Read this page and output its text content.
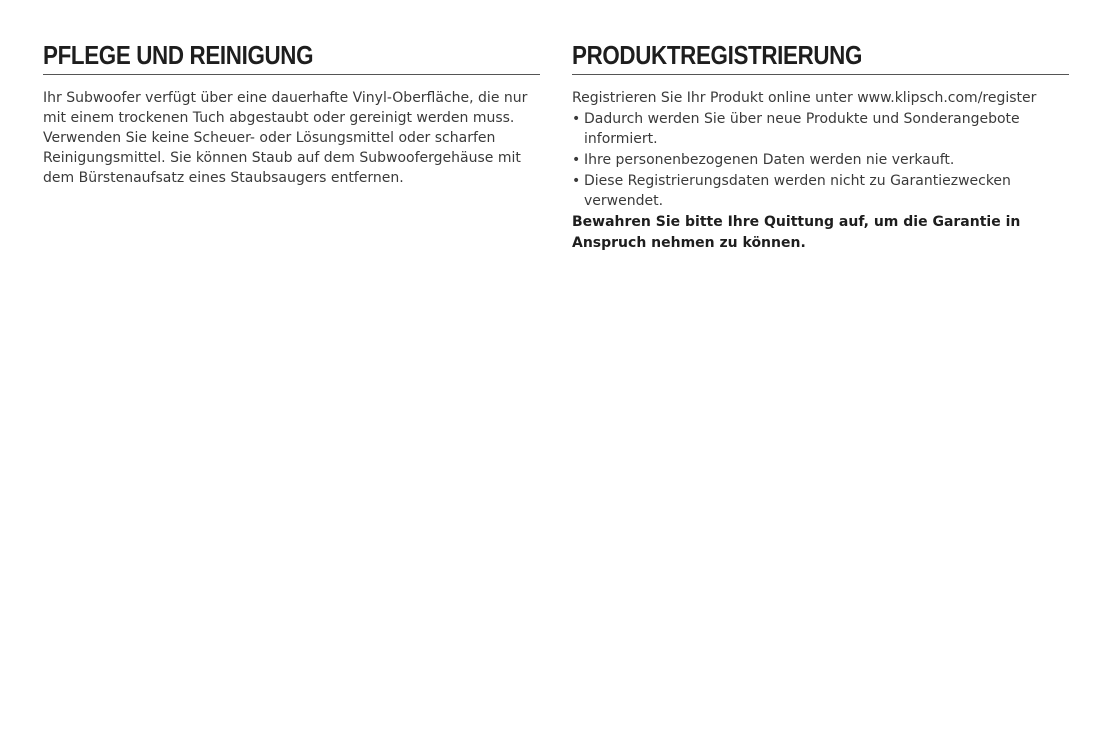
PFLEGE UND REINIGUNG

Ihr Subwoofer verfügt über eine dauerhafte Vinyl-Oberfläche, die nur mit einem trockenen Tuch abgestaubt oder gereinigt werden muss. Verwenden Sie keine Scheuer- oder Lösungsmittel oder scharfen Reinigungsmittel. Sie können Staub auf dem Subwoofergehäuse mit dem Bürstenaufsatz eines Staubsaugers entfernen.

PRODUKTREGISTRIERUNG

Registrieren Sie Ihr Produkt online unter www.klipsch.com/register

• Dadurch werden Sie über neue Produkte und Sonderangebote informiert.
• Ihre personenbezogenen Daten werden nie verkauft.
• Diese Registrierungsdaten werden nicht zu Garantiezwecken verwendet.

Bewahren Sie bitte Ihre Quittung auf, um die Garantie in Anspruch nehmen zu können.
